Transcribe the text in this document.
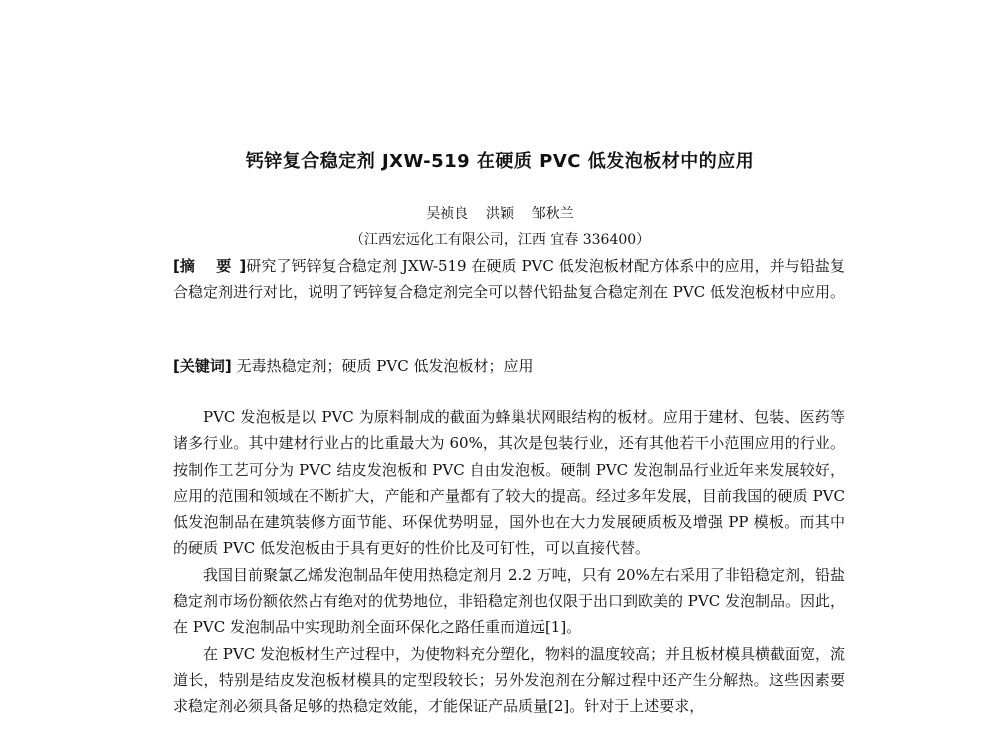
钙锌复合稳定剂 JXW-519 在硬质 PVC 低发泡板材中的应用
吴祯良    洪颖    邹秋兰
（江西宏远化工有限公司，江西 宜春 336400）
[摘 要]研究了钙锌复合稳定剂 JXW-519 在硬质 PVC 低发泡板材配方体系中的应用，并与铅盐复合稳定剂进行对比，说明了钙锌复合稳定剂完全可以替代铅盐复合稳定剂在 PVC 低发泡板材中应用。
[关键词] 无毒热稳定剂；硬质 PVC 低发泡板材；应用

PVC 发泡板是以 PVC 为原料制成的截面为蜂巢状网眼结构的板材。应用于建材、包装、医药等诸多行业。其中建材行业占的比重最大为 60%，其次是包装行业，还有其他若干小范围应用的行业。按制作工艺可分为 PVC 结皮发泡板和 PVC 自由发泡板。硬制 PVC 发泡制品行业近年来发展较好，应用的范围和领域在不断扩大，产能和产量都有了较大的提高。经过多年发展，目前我国的硬质 PVC 低发泡制品在建筑装修方面节能、环保优势明显，国外也在大力发展硬质板及增强 PP 模板。而其中的硬质 PVC 低发泡板由于具有更好的性价比及可钉性，可以直接代替。

我国目前聚氯乙烯发泡制品年使用热稳定剂月 2.2 万吨，只有 20%左右采用了非铅稳定剂，铅盐稳定剂市场份额依然占有绝对的优势地位，非铅稳定剂也仅限于出口到欧美的 PVC 发泡制品。因此，在 PVC 发泡制品中实现助剂全面环保化之路任重而道远[1]。

在 PVC 发泡板材生产过程中，为使物料充分塑化，物料的温度较高；并且板材模具横截面宽，流道长，特别是结皮发泡板材模具的定型段较长；另外发泡剂在分解过程中还产生分解热。这些因素要求稳定剂必须具备足够的热稳定效能，才能保证产品质量[2]。针对于上述要求，
